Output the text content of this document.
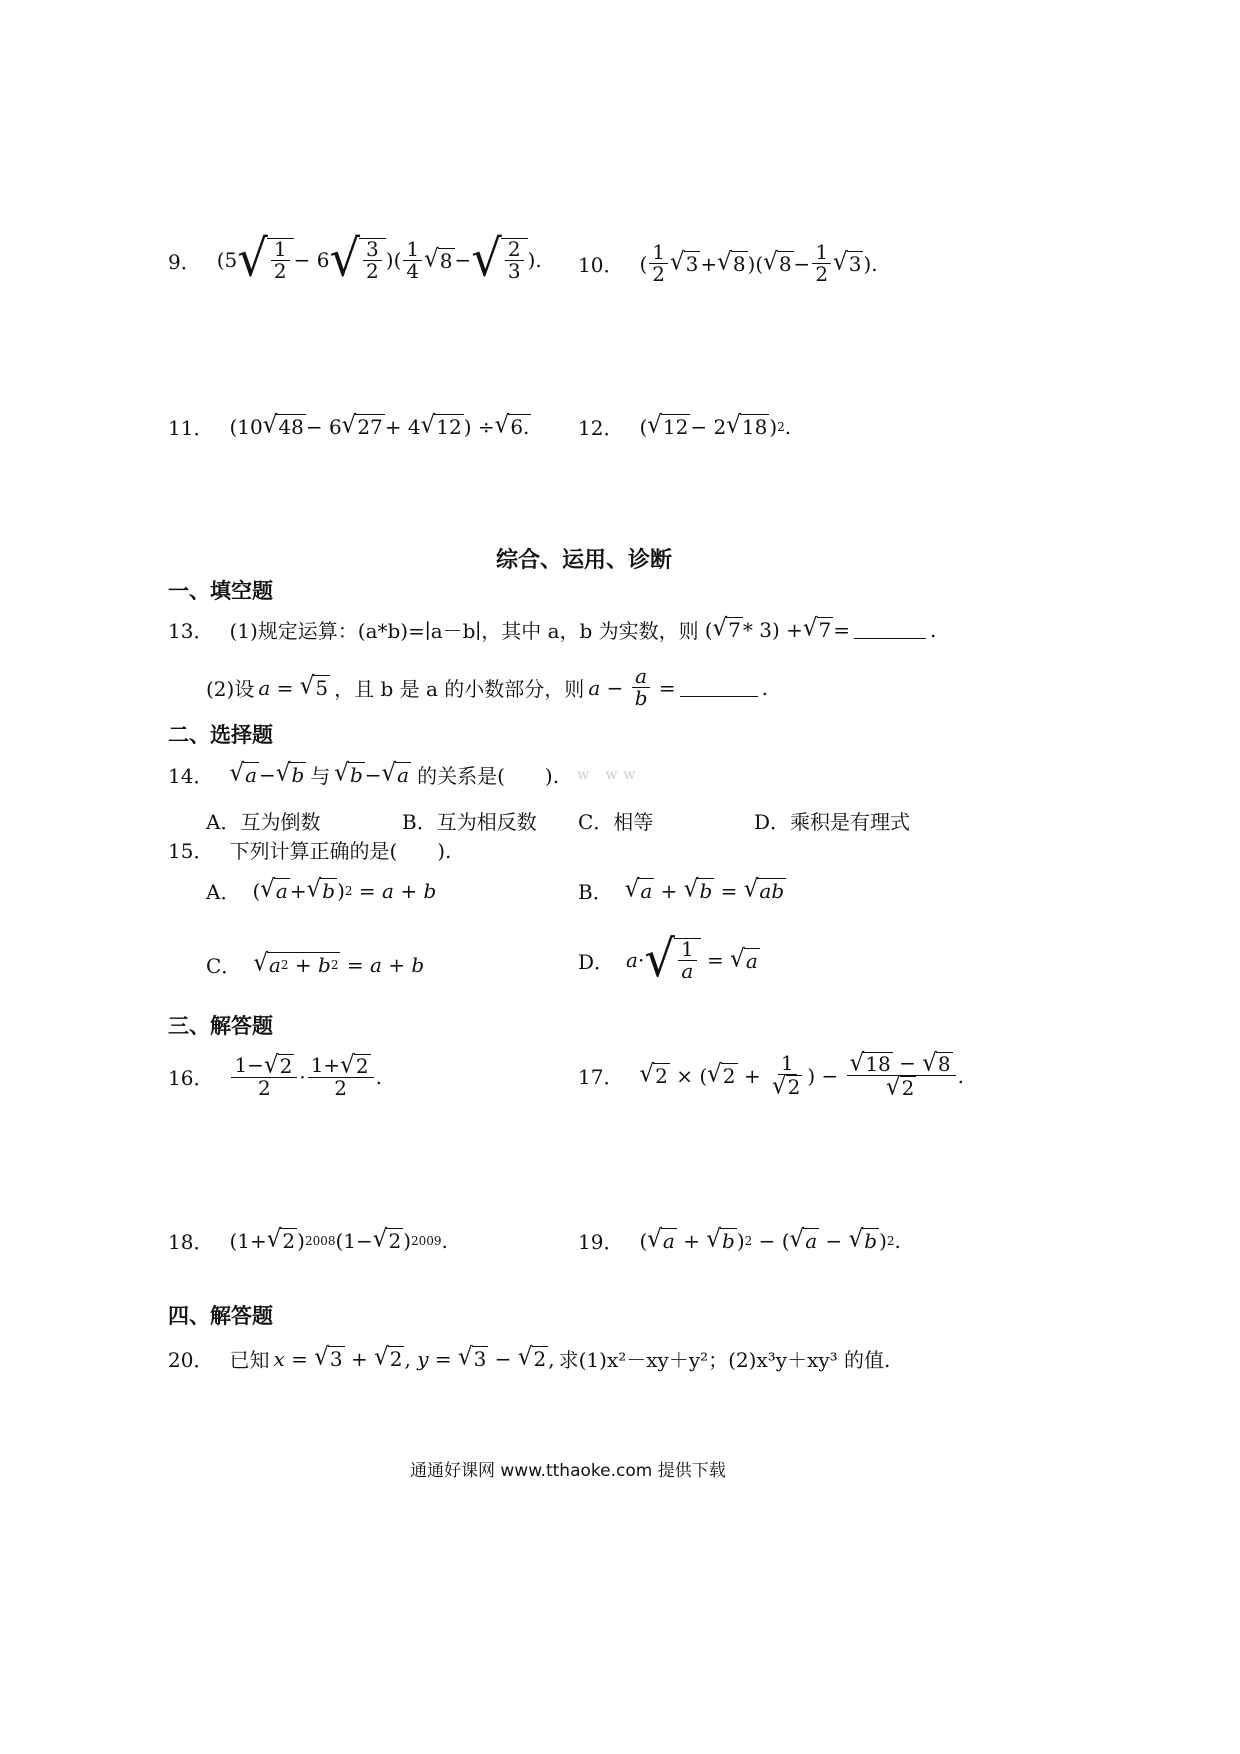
9． (5 √ $\frac{1}{2} - 6$ √ $\frac{3}{2}$ )( $\frac{1}{4}$ √ 8 − √ $\frac{2}{3}$ ). 10． ( $\frac{1}{2}$ √ 3 + √ 8 )( √ $8 - \frac{1}{2}$ √ 3 ).
11． (10 √ 48 − 6 √ 27 + 4 √ 12 ) ÷ √ 6. 12． ( √ 12 − 2 √ 18 ) 2 .
综合、运用、诊断
一、填空题
13． (1)规定运算：(a*b)=∣a－b∣，其中 a，b 为实数，则 ( √ 7 * 3) + √ 7 =	.
(2)设 a = √ 5 ，且 b 是 a 的小数部分，则 $a - \frac{a}{b}$ =	.
二、选择题
14． √ a − √ b 与 √ b − √ a 的关系是(　　). w ww
A．互为倒数	B．互为相反数 C．相等	D．乘积是有理式
15． 下列计算正确的是(　　).
A． ( √ a + √ b ) 2 = a + b	B． √ a + √ b = √ ab
C． √ a 2 + b 2 = a + b	D． a · √ $\frac{1}{a}$ = √ a
三、解答题
16． $\frac{1- √ 2}{2} \cdot \frac{1+ √ 2}{2}$ .	17． √ 2 × ( √ $2 + \frac{1}{√ 2}$ ) − $\frac{√ 18 - √ 8}{√ 2}$ .
18． (1+ √ 2 ) 2008 (1− √ 2 ) 2009 .	19． ( √ a + √ b ) 2 − ( √ a − √ b ) 2 .
四、解答题
20． 已知 x = √ 3 + √ 2 , y = √ 3 − √ 2 , 求(1)x²－xy＋y²；(2)x³y＋xy³ 的值.
通通好课网 www.tthaoke.com 提供下载
